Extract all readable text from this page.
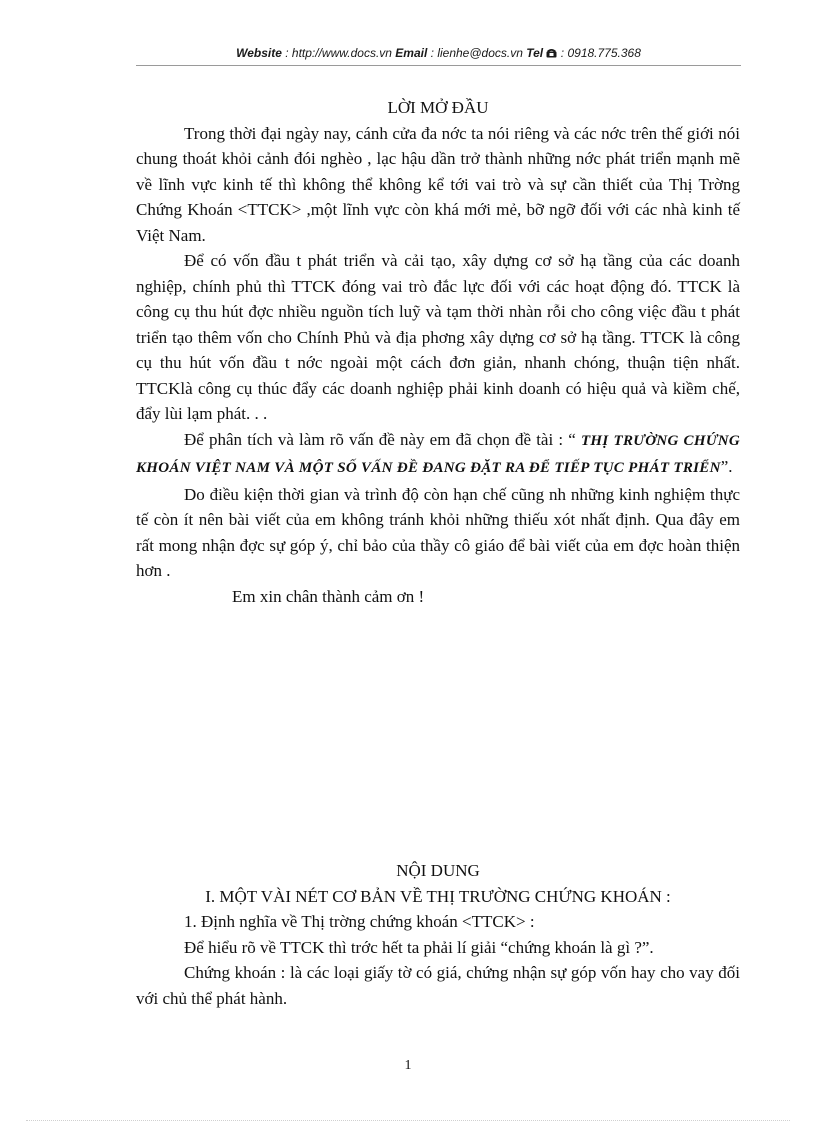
Website : http://www.docs.vn Email : lienhe@docs.vn Tel  : 0918.775.368

LỜI MỞ ĐẦU

Trong thời đại ngày nay, cánh cửa đa nớc ta nói riêng và các nớc trên thế giới nói chung thoát khỏi cảnh đói nghèo , lạc hậu dần trở thành những nớc phát triển mạnh mẽ về lĩnh vực kinh tế thì không thể không kể tới vai trò và sự cần thiết của Thị Trờng Chứng Khoán <TTCK> ,một lĩnh vực còn khá mới mẻ, bỡ ngỡ đối với các nhà kinh tế Việt Nam.

Để có vốn đầu t phát triển và cải tạo, xây dựng cơ sở hạ tầng của các doanh nghiệp, chính phủ thì TTCK đóng vai trò đắc lực đối với các hoạt động đó. TTCK là công cụ thu hút đợc nhiều nguồn tích luỹ và tạm thời nhàn rỗi cho công việc đầu t phát triển tạo thêm vốn cho Chính Phủ và địa phơng xây dựng cơ sở hạ tầng. TTCK là công cụ thu hút vốn đầu t nớc ngoài một cách đơn giản, nhanh chóng, thuận tiện nhất. TTCKlà công cụ thúc đẩy các doanh nghiệp phải kinh doanh có hiệu quả và kiềm chế, đẩy lùi lạm phát. . .

Để phân tích và làm rõ vấn đề này em đã chọn đề tài : “ THỊ TRƯỜNG CHỨNG KHOÁN VIỆT NAM VÀ MỘT SỐ VẤN ĐỀ ĐANG ĐẶT RA ĐỂ TIẾP TỤC PHÁT TRIỂN”.

Do điều kiện thời gian và trình độ còn hạn chế cũng nh những kinh nghiệm thực tế còn ít nên bài viết của em không tránh khỏi những thiếu xót nhất định. Qua đây em rất mong nhận đợc sự góp ý, chỉ bảo của thầy cô giáo để bài viết của em đợc hoàn thiện hơn .

Em xin chân thành cảm ơn !

NỘI DUNG

I. MỘT VÀI NÉT CƠ BẢN VỀ THỊ TRƯỜNG CHỨNG KHOÁN :

1. Định nghĩa về Thị trờng chứng khoán <TTCK> :

Để hiểu rõ về TTCK thì trớc hết ta phải lí giải “chứng khoán là gì ?”.

Chứng khoán : là các loại giấy tờ có giá, chứng nhận sự góp vốn hay cho vay đối với chủ thể phát hành.

1
